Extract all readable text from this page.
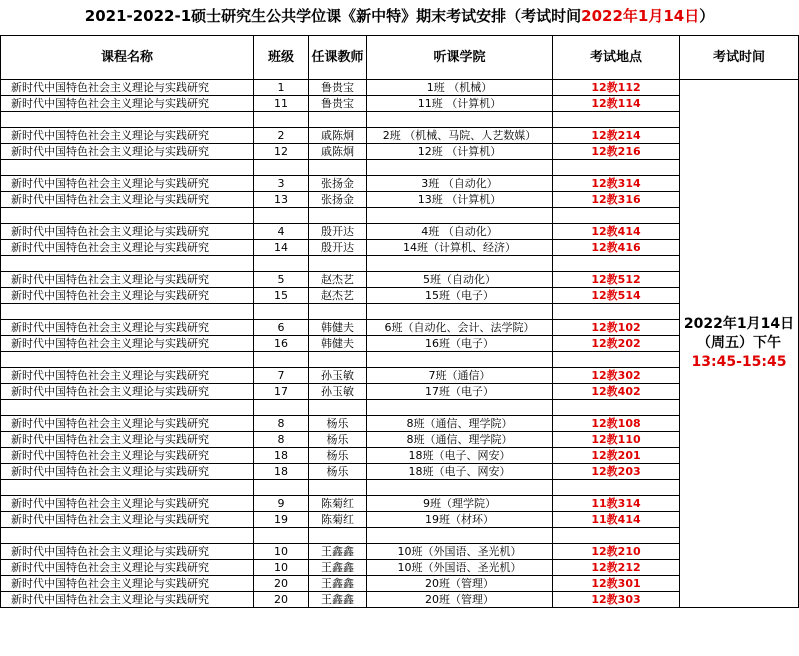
2021-2022-1硕士研究生公共学位课《新中特》期末考试安排（考试时间2022年1月14日）
课程名称	班级	任课教师	听课学院	考试地点	考试时间
新时代中国特色社会主义理论与实践研究	1	鲁贵宝	1班 （机械）	12教112	2022年1月14日
（周五）下午
13:45-15:45

新时代中国特色社会主义理论与实践研究	11	鲁贵宝	11班 （计算机）	12教114	

新时代中国特色社会主义理论与实践研究	2	戚陈炯	2班 （机械、马院、人艺数媒）	12教214	
新时代中国特色社会主义理论与实践研究	12	戚陈炯	12班 （计算机）	12教216	

新时代中国特色社会主义理论与实践研究	3	张扬金	3班 （自动化）	12教314	
新时代中国特色社会主义理论与实践研究	13	张扬金	13班 （计算机）	12教316	

新时代中国特色社会主义理论与实践研究	4	殷开达	4班 （自动化）	12教414	
新时代中国特色社会主义理论与实践研究	14	殷开达	14班（计算机、经济）	12教416	

新时代中国特色社会主义理论与实践研究	5	赵杰艺	5班（自动化）	12教512	
新时代中国特色社会主义理论与实践研究	15	赵杰艺	15班（电子）	12教514	

新时代中国特色社会主义理论与实践研究	6	韩健夫	6班（自动化、会计、法学院）	12教102	
新时代中国特色社会主义理论与实践研究	16	韩健夫	16班（电子）	12教202	

新时代中国特色社会主义理论与实践研究	7	孙玉敏	7班（通信）	12教302	
新时代中国特色社会主义理论与实践研究	17	孙玉敏	17班（电子）	12教402	

新时代中国特色社会主义理论与实践研究	8	杨乐	8班（通信、理学院）	12教108	
新时代中国特色社会主义理论与实践研究	8	杨乐	8班（通信、理学院）	12教110	
新时代中国特色社会主义理论与实践研究	18	杨乐	18班（电子、网安）	12教201	
新时代中国特色社会主义理论与实践研究	18	杨乐	18班（电子、网安）	12教203	

新时代中国特色社会主义理论与实践研究	9	陈菊红	9班（理学院）	11教314	
新时代中国特色社会主义理论与实践研究	19	陈菊红	19班（材环）	11教414	

新时代中国特色社会主义理论与实践研究	10	王鑫鑫	10班（外国语、圣光机）	12教210	
新时代中国特色社会主义理论与实践研究	10	王鑫鑫	10班（外国语、圣光机）	12教212	
新时代中国特色社会主义理论与实践研究	20	王鑫鑫	20班（管理）	12教301	
新时代中国特色社会主义理论与实践研究	20	王鑫鑫	20班（管理）	12教303	
